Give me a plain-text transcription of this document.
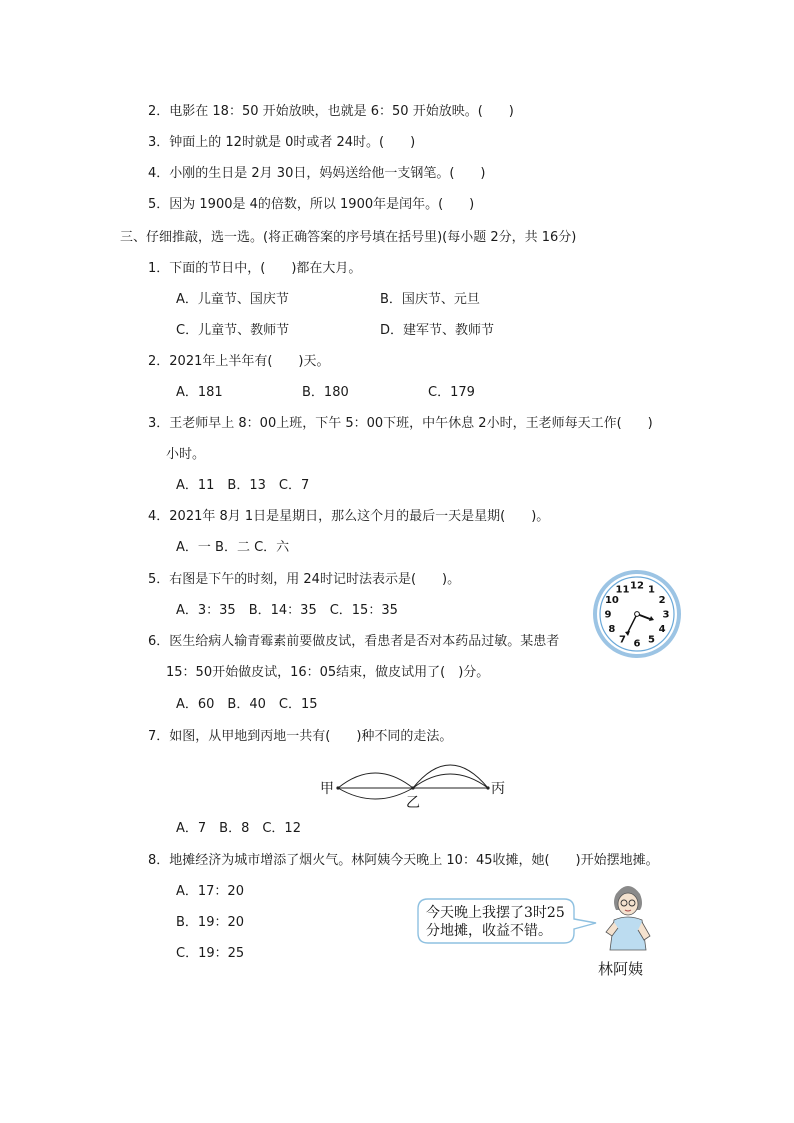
2．电影在 18：50 开始放映，也就是 6：50 开始放映。(　　)
3．钟面上的 12时就是 0时或者 24时。(　　)
4．小刚的生日是 2月 30日，妈妈送给他一支钢笔。(　　)
5．因为 1900是 4的倍数，所以 1900年是闰年。(　　)
三、仔细推敲，选一选。(将正确答案的序号填在括号里)(每小题 2分，共 16分)
1．下面的节日中，(　　)都在大月。
A．儿童节、国庆节	B．国庆节、元旦
C．儿童节、教师节	D．建军节、教师节
2．2021年上半年有(　　)天。
A．181	B．180	C．179
3．王老师早上 8：00上班，下午 5：00下班，中午休息 2小时，王老师每天工作(　　)
小时。
A．11　B．13　C．7
4．2021年 8月 1日是星期日，那么这个月的最后一天是星期(　　)。
A．一 B．二 C．六
5．右图是下午的时刻，用 24时记时法表示是(　　)。
A．3：35　B．14：35　C．15：35
12 1
2
3
4
5
6
7
8
9
10
11
6．医生给病人输青霉素前要做皮试，看患者是否对本药品过敏。某患者
15：50开始做皮试，16：05结束，做皮试用了(　)分。
A．60　B．40　C．15
7．如图，从甲地到丙地一共有(　　)种不同的走法。
甲
乙
丙
A．7　B．8　C．12
8．地摊经济为城市增添了烟火气。林阿姨今天晚上 10：45收摊，她(　　)开始摆地摊。
A．17：20
B．19：20
C．19：25
今天晚上我摆了3时25
分地摊，收益不错。
林阿姨
